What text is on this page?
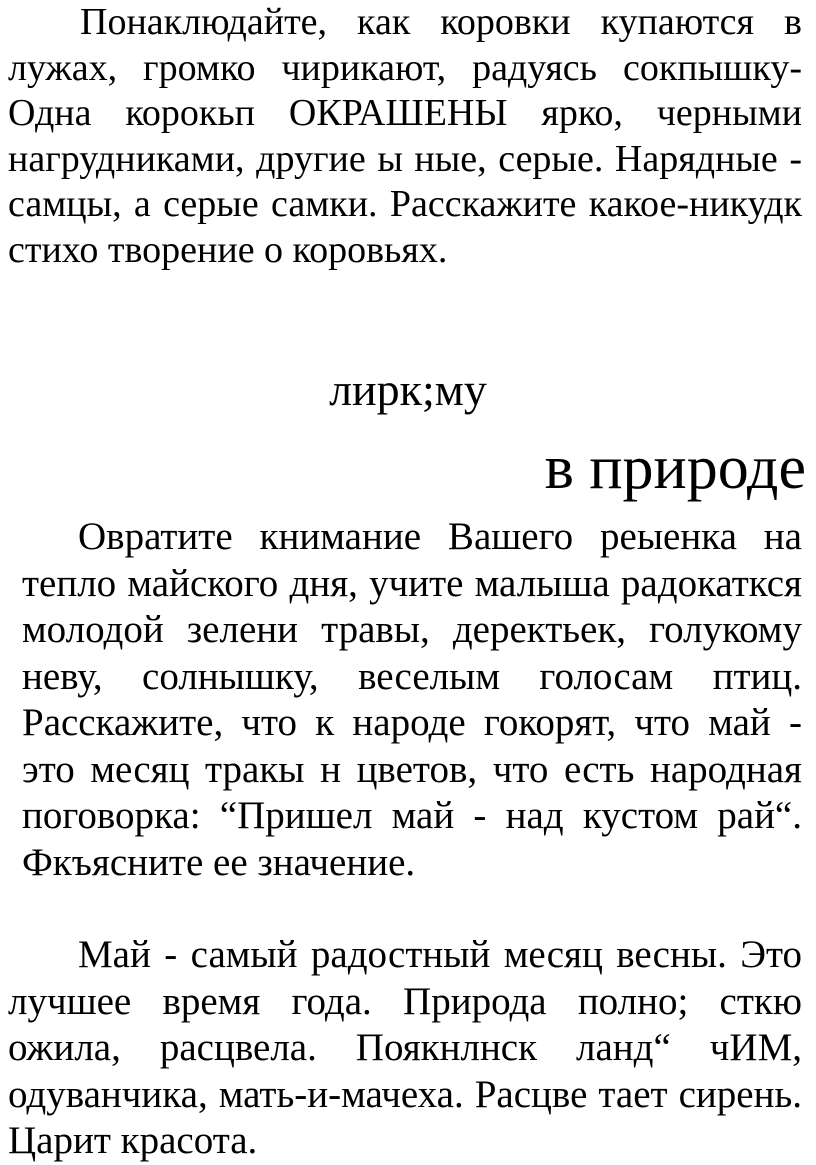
Понаклюдайте, как коровки купаются в лужах, громко чирикают, радуясь сокпышку- Одна корокьп ОКРАШЕНЫ ярко, черными нагрудниками, другие ы ные, серые. Нарядные - самцы, а серые самки. Расскажите какое-никудк стихо творение о коровьях.

лирк;му
в природе

Овратите книмание Вашего реыенка на тепло майского дня, учите малыша радокаткся молодой зелени травы, деректьек, голукому неву, солнышку, веселым голосам птиц. Расскажите, что к народе гокорят, что май - это месяц тракы н цветов, что есть народная поговорка: “Пришел май - над кустом рай“. Фкъясните ее значение.

Май - самый радостный месяц весны. Это лучшее время года. Природа полно; сткю ожила, расцвела. Поякнлнск ланд“ чИМ, одуванчика, мать-и-мачеха. Расцве тает сирень. Царит красота.
